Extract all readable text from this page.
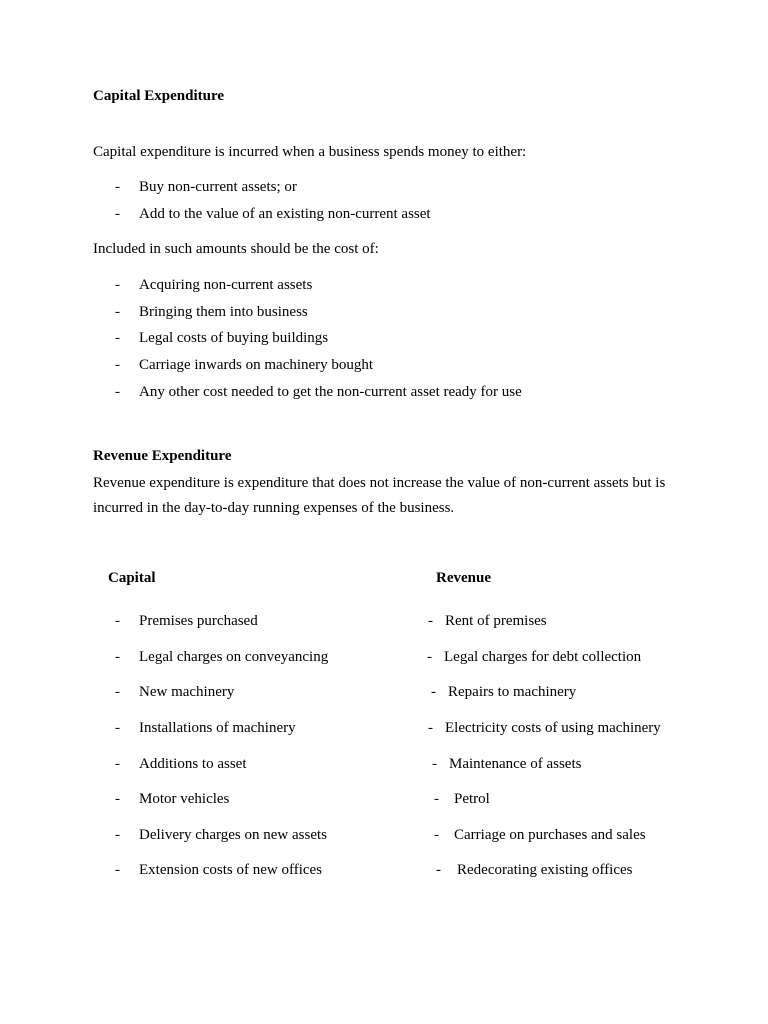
Capital Expenditure
Capital expenditure is incurred when a business spends money to either:
- Buy non-current assets; or
- Add to the value of an existing non-current asset
Included in such amounts should be the cost of:
- Acquiring non-current assets
- Bringing them into business
- Legal costs of buying buildings
- Carriage inwards on machinery bought
- Any other cost needed to get the non-current asset ready for use
Revenue Expenditure
Revenue expenditure is expenditure that does not increase the value of non-current assets but is incurred in the day-to-day running expenses of the business.
Capital	Revenue
- Premises purchased
- Legal charges on conveyancing
- New machinery
- Installations of machinery
- Additions to asset
- Motor vehicles
- Delivery charges on new assets
- Extension costs of new offices
- Rent of premises
- Legal charges for debt collection
- Repairs to machinery
- Electricity costs of using machinery
- Maintenance of assets
- Petrol
- Carriage on purchases and sales
- Redecorating existing offices
